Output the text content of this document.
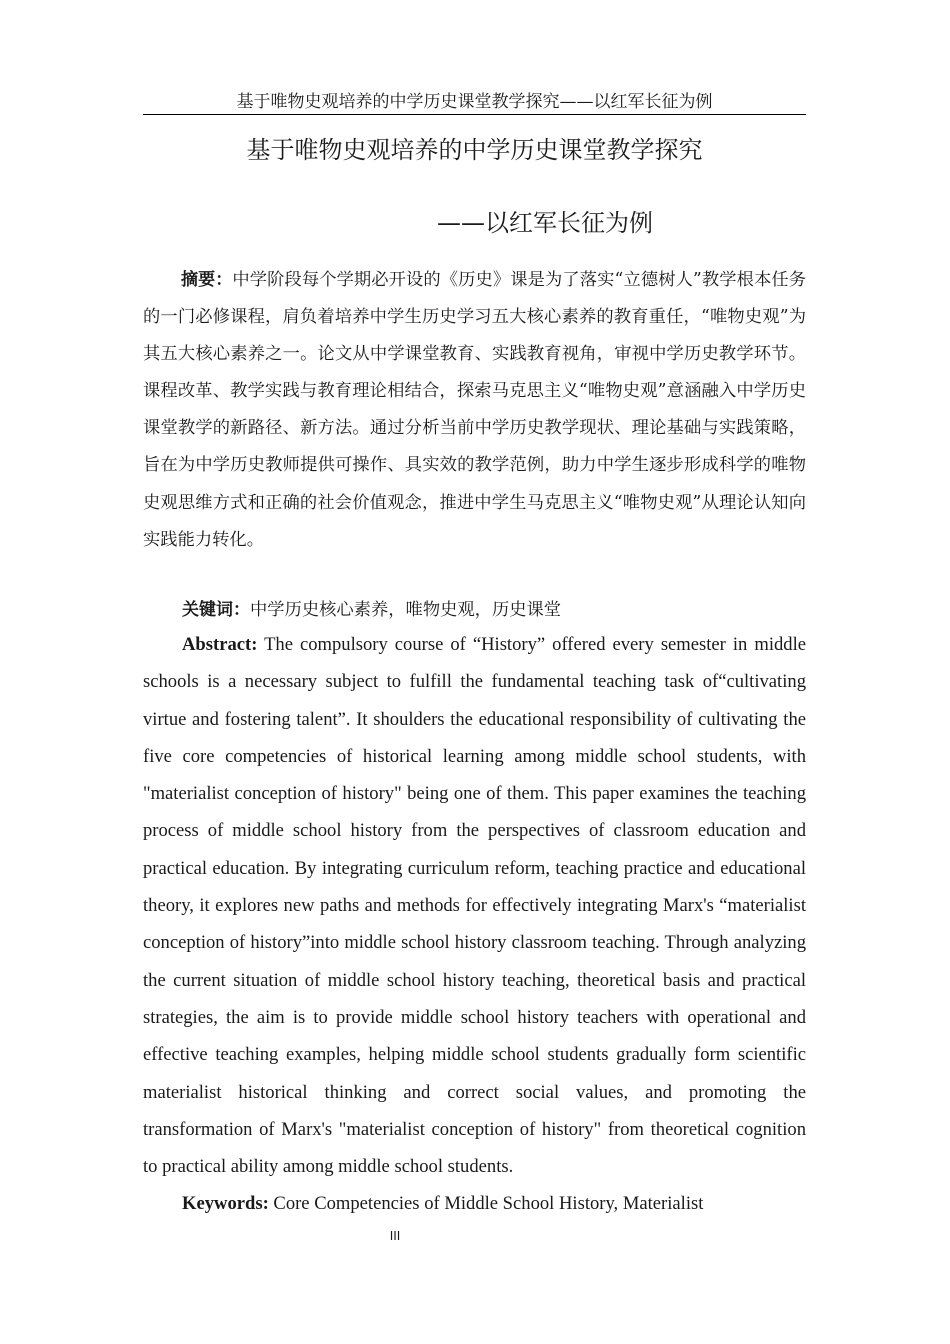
基于唯物史观培养的中学历史课堂教学探究——以红军长征为例
基于唯物史观培养的中学历史课堂教学探究
——以红军长征为例

摘要：中学阶段每个学期必开设的《历史》课是为了落实“立德树人”教学根本任务的一门必修课程，肩负着培养中学生历史学习五大核心素养的教育重任，“唯物史观”为其五大核心素养之一。论文从中学课堂教育、实践教育视角，审视中学历史教学环节。课程改革、教学实践与教育理论相结合，探索马克思主义“唯物史观”意涵融入中学历史课堂教学的新路径、新方法。通过分析当前中学历史教学现状、理论基础与实践策略，旨在为中学历史教师提供可操作、具实效的教学范例，助力中学生逐步形成科学的唯物史观思维方式和正确的社会价值观念，推进中学生马克思主义“唯物史观”从理论认知向实践能力转化。

关键词：中学历史核心素养，唯物史观，历史课堂

Abstract: The compulsory course of “History” offered every semester in middle schools is a necessary subject to fulfill the fundamental teaching task of“cultivating virtue and fostering talent”. It shoulders the educational responsibility of cultivating the five core competencies of historical learning among middle school students, with "materialist conception of history" being one of them. This paper examines the teaching process of middle school history from the perspectives of classroom education and practical education. By integrating curriculum reform, teaching practice and educational theory, it explores new paths and methods for effectively integrating Marx's “materialist conception of history”into middle school history classroom teaching. Through analyzing the current situation of middle school history teaching, theoretical basis and practical strategies, the aim is to provide middle school history teachers with operational and effective teaching examples, helping middle school students gradually form scientific materialist historical thinking and correct social values, and promoting the transformation of Marx's "materialist conception of history" from theoretical cognition to practical ability among middle school students.

Keywords: Core Competencies of Middle School History, Materialist

III
